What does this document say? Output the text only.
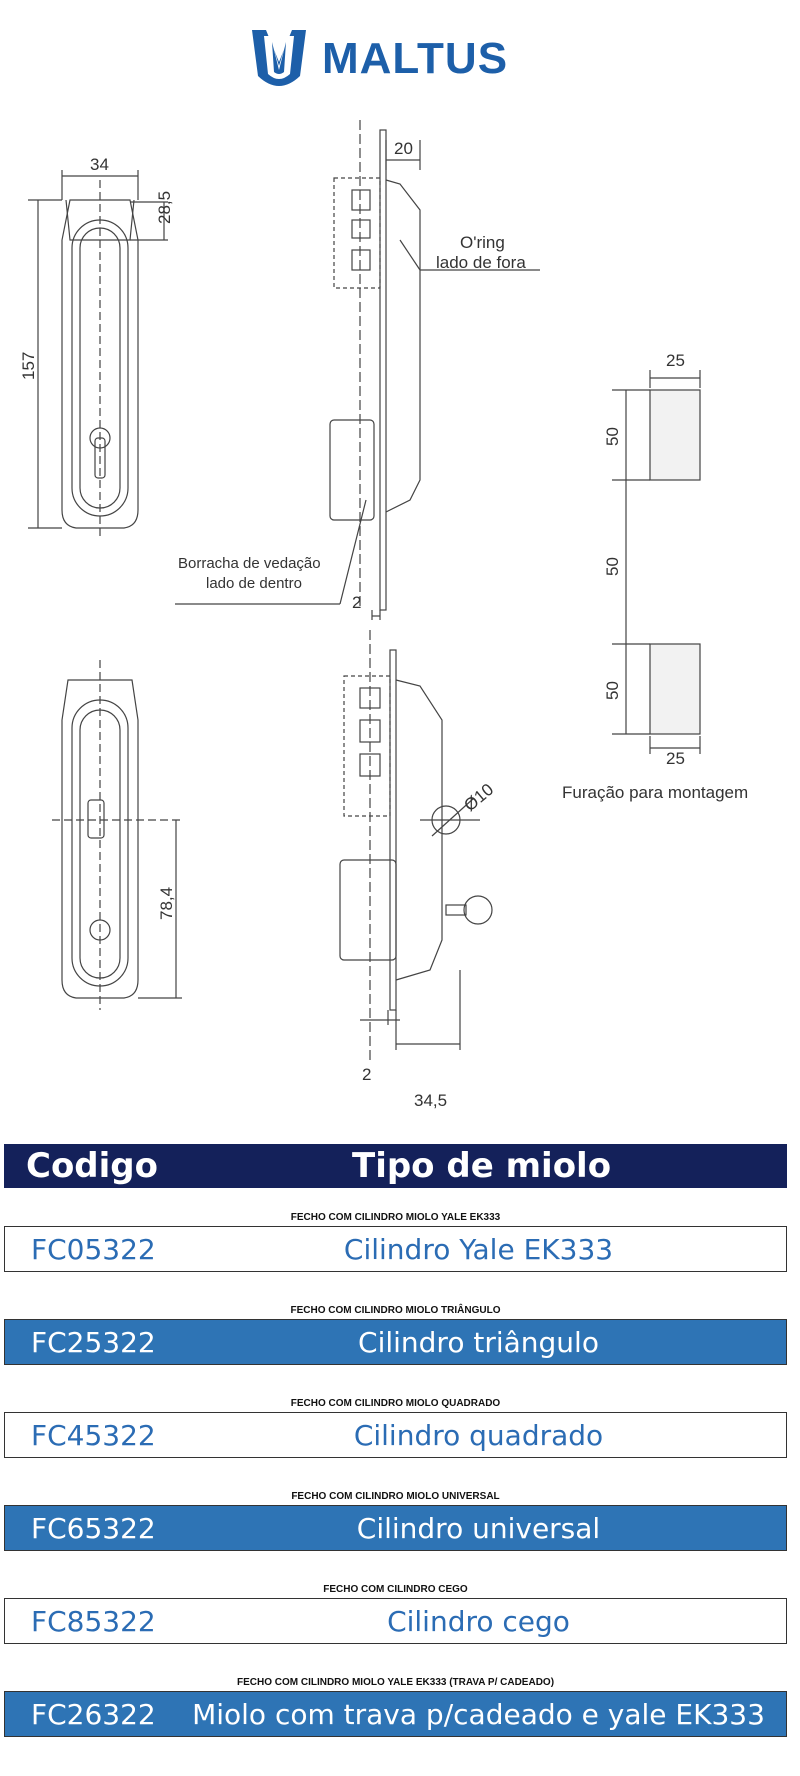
MALTUS
34
28,5
157
20
O'ring
lado de fora
Borracha de vedação
lado de dentro
2
25
50
50
50
25
Furação para montagem
78,4
Ø10
2
34,5
Codigo	Tipo de miolo
FECHO COM CILINDRO MIOLO YALE EK333
FC05322	Cilindro Yale EK333
FECHO COM CILINDRO MIOLO TRIÂNGULO
FC25322	Cilindro triângulo
FECHO COM CILINDRO MIOLO QUADRADO
FC45322	Cilindro quadrado
FECHO COM CILINDRO MIOLO UNIVERSAL
FC65322	Cilindro universal
FECHO COM CILINDRO CEGO
FC85322	Cilindro cego
FECHO COM CILINDRO MIOLO YALE EK333 (TRAVA P/ CADEADO)
FC26322	Miolo com trava p/cadeado e yale EK333
